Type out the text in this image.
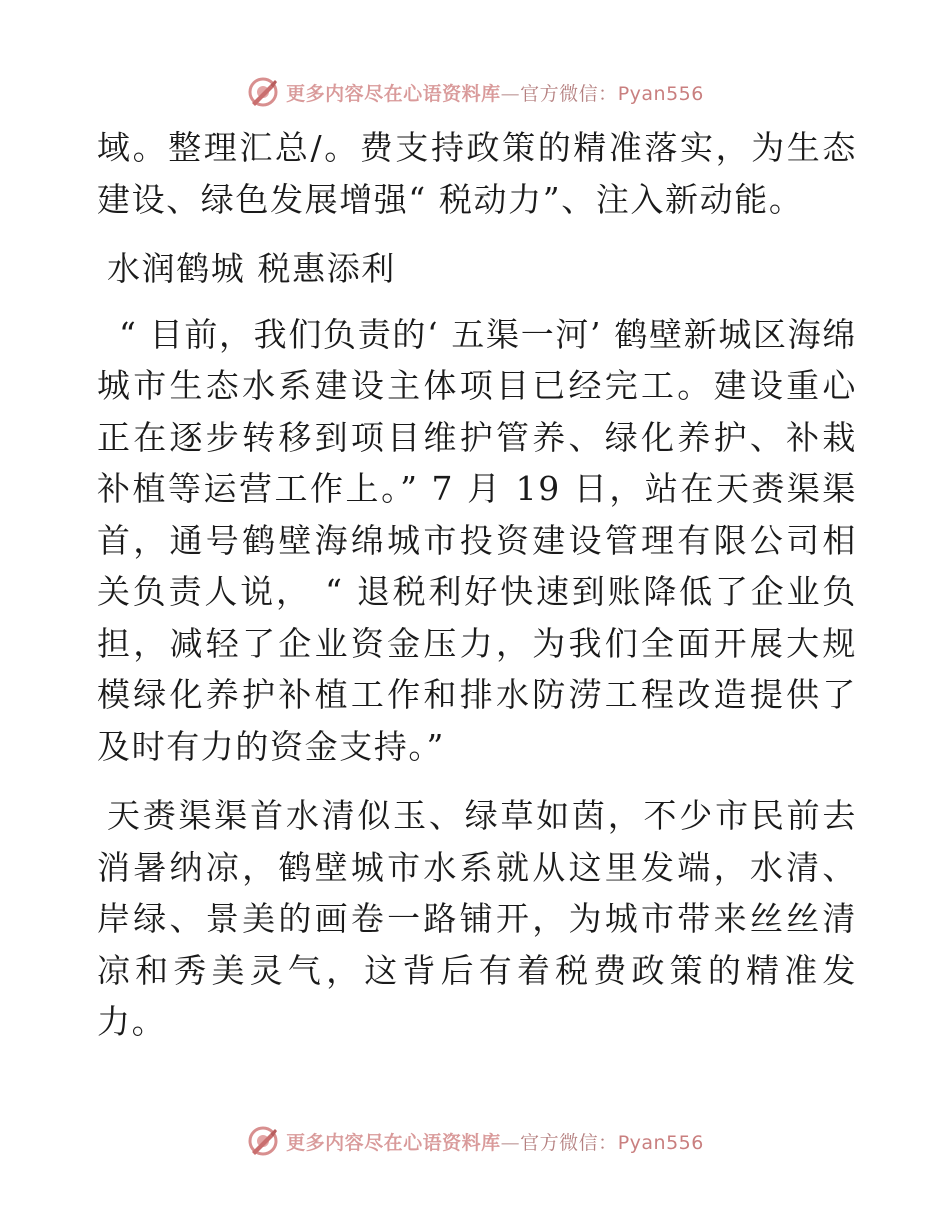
更多内容尽在心语资料库—官方微信：Pyan556

域。整理汇总/。费支持政策的精准落实，为生态建设、绿色发展增强“ 税动力”、注入新动能。

水润鹤城 税惠添利

“ 目前，我们负责的‘ 五渠一河’ 鹤壁新城区海绵城市生态水系建设主体项目已经完工。建设重心正在逐步转移到项目维护管养、绿化养护、补栽补植等运营工作上。” 7 月 19 日，站在天赉渠渠首，通号鹤壁海绵城市投资建设管理有限公司相关负责人说， “ 退税利好快速到账降低了企业负担，减轻了企业资金压力，为我们全面开展大规模绿化养护补植工作和排水防涝工程改造提供了及时有力的资金支持。”

天赉渠渠首水清似玉、绿草如茵，不少市民前去消暑纳凉，鹤壁城市水系就从这里发端，水清、岸绿、景美的画卷一路铺开，为城市带来丝丝清凉和秀美灵气，这背后有着税费政策的精准发力。

更多内容尽在心语资料库—官方微信：Pyan556
